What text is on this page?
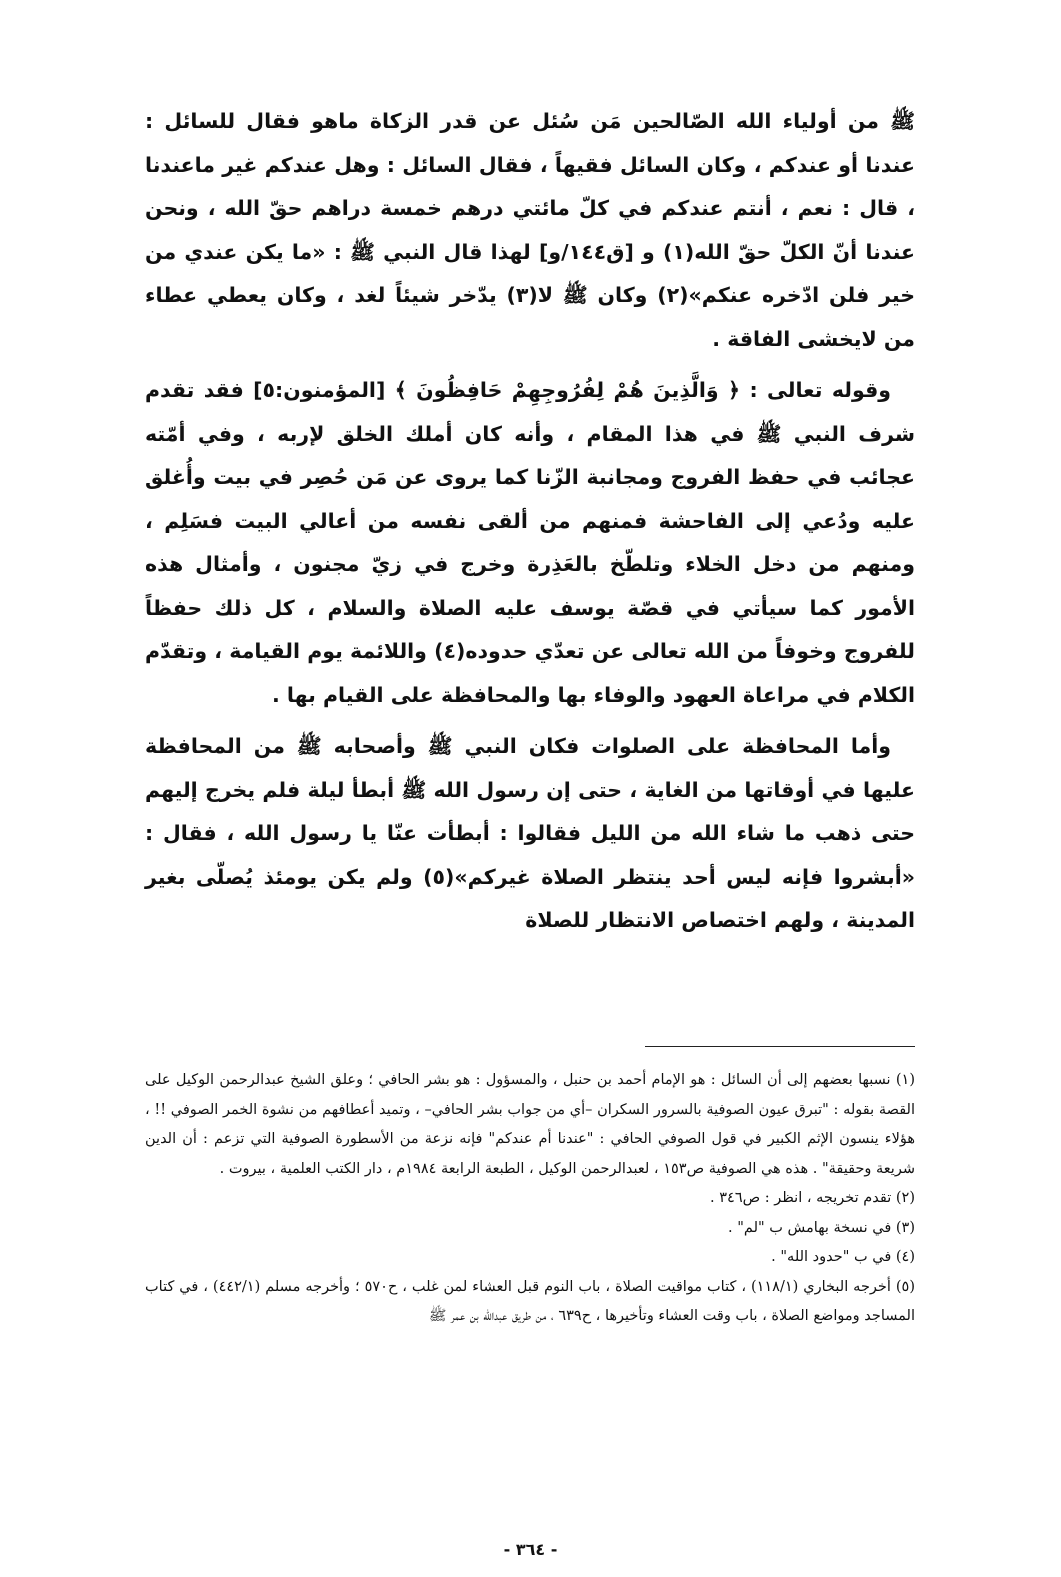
ﷺ من أولياء الله الصّالحين مَن سُئل عن قدر الزكاة ماهو فقال للسائل : عندنا أو عندكم ، وكان السائل فقيهاً ، فقال السائل : وهل عندكم غير ماعندنا ، قال : نعم ، أنتم عندكم في كلّ مائتي درهم خمسة دراهم حقّ الله ، ونحن عندنا أنّ الكلّ حقّ الله(١) و [ق١٤٤/و] لهذا قال النبي ﷺ : «ما يكن عندي من خير فلن ادّخره عنكم»(٢) وكان ﷺ لا(٣) يدّخر شيئاً لغد ، وكان يعطي عطاء من لايخشى الفاقة .

وقوله تعالى : ﴿ وَالَّذِينَ هُمْ لِفُرُوجِهِمْ حَافِظُونَ ﴾ [المؤمنون:٥] فقد تقدم شرف النبي ﷺ في هذا المقام ، وأنه كان أملك الخلق لإربه ، وفي أمّته عجائب في حفظ الفروج ومجانبة الزّنا كما يروى عن مَن حُصِر في بيت وأُغلق عليه ودُعي إلى الفاحشة فمنهم من ألقى نفسه من أعالي البيت فسَلِم ، ومنهم من دخل الخلاء وتلطّخ بالعَذِرة وخرج في زيّ مجنون ، وأمثال هذه الأمور كما سيأتي في قصّة يوسف عليه الصلاة والسلام ، كل ذلك حفظاً للفروج وخوفاً من الله تعالى عن تعدّي حدوده(٤) واللائمة يوم القيامة ، وتقدّم الكلام في مراعاة العهود والوفاء بها والمحافظة على القيام بها .

وأما المحافظة على الصلوات فكان النبي ﷺ وأصحابه ﷺ من المحافظة عليها في أوقاتها من الغاية ، حتى إن رسول الله ﷺ أبطأ ليلة فلم يخرج إليهم حتى ذهب ما شاء الله من الليل فقالوا : أبطأت عنّا يا رسول الله ، فقال : «أبشروا فإنه ليس أحد ينتظر الصلاة غيركم»(٥) ولم يكن يومئذ يُصلّى بغير المدينة ، ولهم اختصاص الانتظار للصلاة

(١) نسبها بعضهم إلى أن السائل : هو الإمام أحمد بن حنبل ، والمسؤول : هو بشر الحافي ؛ وعلق الشيخ عبدالرحمن الوكيل على القصة بقوله : "تبرق عيون الصوفية بالسرور السكران –أي من جواب بشر الحافي– ، وتميد أعطافهم من نشوة الخمر الصوفي !! ، هؤلاء ينسون الإثم الكبير في قول الصوفي الحافي : "عندنا أم عندكم" فإنه نزعة من الأسطورة الصوفية التي تزعم : أن الدين شريعة وحقيقة" . هذه هي الصوفية ص١٥٣ ، لعبدالرحمن الوكيل ، الطبعة الرابعة ١٩٨٤م ، دار الكتب العلمية ، بيروت .

(٢) تقدم تخريجه ، انظر : ص٣٤٦ .

(٣) في نسخة بهامش ب "لم" .

(٤) في ب "حدود الله" .

(٥) أخرجه البخاري (١١٨/١) ، كتاب مواقيت الصلاة ، باب النوم قبل العشاء لمن غلب ، ح٥٧٠ ؛ وأخرجه مسلم (٤٤٢/١) ، في كتاب المساجد ومواضع الصلاة ، باب وقت العشاء وتأخيرها ، ح٦٣٩ ، من طريق عبدالله بن عمر ﷺ

- ٣٦٤ -
